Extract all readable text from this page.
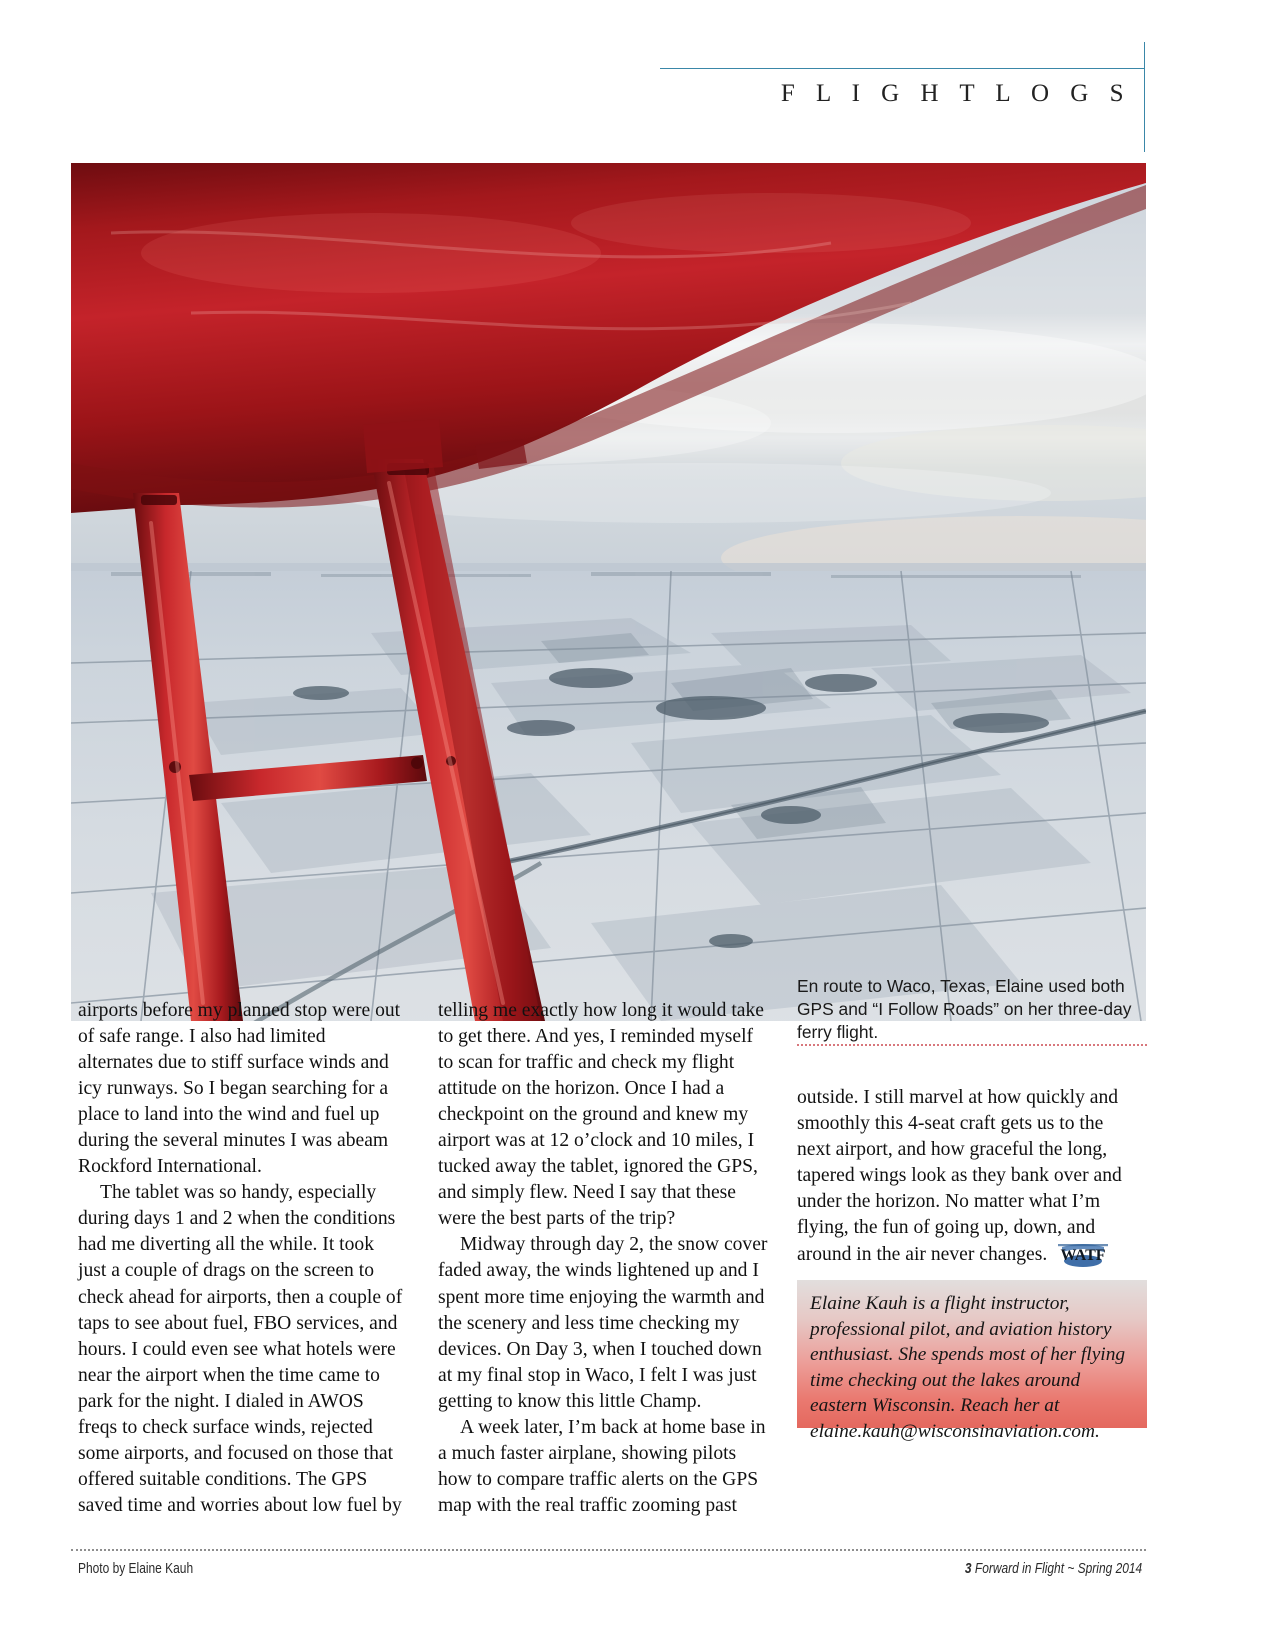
F L I G H T L O G S
En route to Waco, Texas, Elaine used both GPS and “I Follow Roads” on her three-day ferry flight.

airports before my planned stop were out of safe range. I also had limited alternates due to stiff surface winds and icy runways. So I began searching for a place to land into the wind and fuel up during the several minutes I was abeam Rockford International.

The tablet was so handy, especially during days 1 and 2 when the conditions had me diverting all the while. It took just a couple of drags on the screen to check ahead for airports, then a couple of taps to see about fuel, FBO services, and hours. I could even see what hotels were near the airport when the time came to park for the night. I dialed in AWOS freqs to check surface winds, rejected some airports, and focused on those that offered suitable conditions. The GPS saved time and worries about low fuel by

telling me exactly how long it would take to get there. And yes, I reminded myself to scan for traffic and check my flight attitude on the horizon. Once I had a checkpoint on the ground and knew my airport was at 12 o’clock and 10 miles, I tucked away the tablet, ignored the GPS, and simply flew. Need I say that these were the best parts of the trip?

Midway through day 2, the snow cover faded away, the winds lightened up and I spent more time enjoying the warmth and the scenery and less time checking my devices. On Day 3, when I touched down at my final stop in Waco, I felt I was just getting to know this little Champ.

A week later, I’m back at home base in a much faster airplane, showing pilots how to compare traffic alerts on the GPS map with the real traffic zooming past

outside. I still marvel at how quickly and smoothly this 4-seat craft gets us to the next airport, and how graceful the long, tapered wings look as they bank over and under the horizon. No matter what I’m flying, the fun of going up, down, and around in the air never changes. WATF

Elaine Kauh is a flight instructor, professional pilot, and aviation history enthusiast. She spends most of her flying time checking out the lakes around eastern Wisconsin. Reach her at elaine.kauh@wisconsinaviation.com.
Photo by Elaine Kauh	3 Forward in Flight ~ Spring 2014
